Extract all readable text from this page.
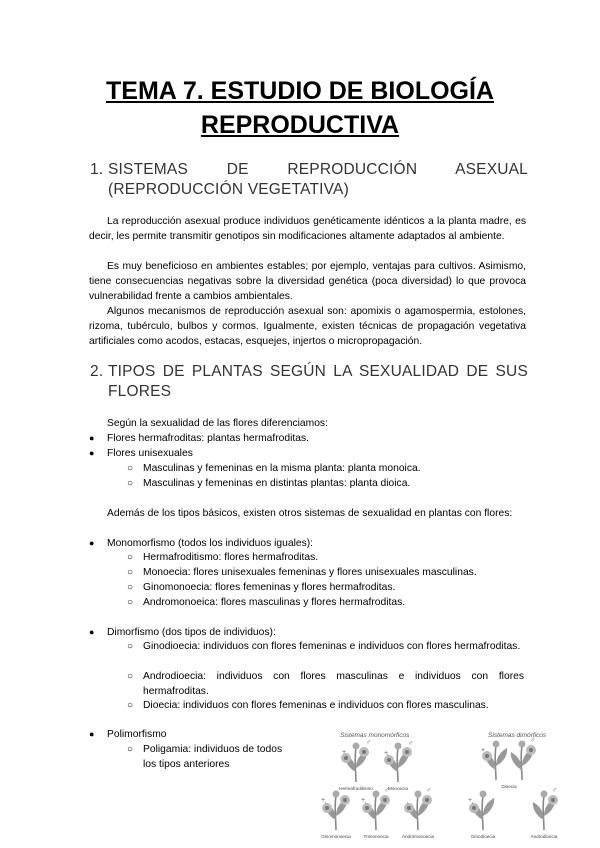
TEMA 7. ESTUDIO DE BIOLOGÍA
REPRODUCTIVA
1. SISTEMAS DE REPRODUCCIÓN ASEXUAL
(REPRODUCCIÓN VEGETATIVA)
La reproducción asexual produce individuos genéticamente idénticos a la planta madre, es decir, les permite transmitir genotipos sin modificaciones altamente adaptados al ambiente.
Es muy beneficioso en ambientes estables; por ejemplo, ventajas para cultivos. Asimismo, tiene consecuencias negativas sobre la diversidad genética (poca diversidad) lo que provoca vulnerabilidad frente a cambios ambientales.
Algunos mecanismos de reproducción asexual son: apomixis o agamospermia, estolones, rizoma, tubérculo, bulbos y cormos. Igualmente, existen técnicas de propagación vegetativa artificiales como acodos, estacas, esquejes, injertos o micropropagación.
2. TIPOS DE PLANTAS SEGÚN LA SEXUALIDAD DE SUS
FLORES
Según la sexualidad de las flores diferenciamos:
● Flores hermafroditas: plantas hermafroditas.
● Flores unisexuales
○ Masculinas y femeninas en la misma planta: planta monoica.
○ Masculinas y femeninas en distintas plantas: planta dioica.
Además de los tipos básicos, existen otros sistemas de sexualidad en plantas con flores:
● Monomorfismo (todos los individuos iguales):
○ Hermafroditismo: flores hermafroditas.
○ Monoecia: flores unisexuales femeninas y flores unisexuales masculinas.
○ Ginomonoecia: flores femeninas y flores hermafroditas.
○ Andromonoeica: flores masculinas y flores hermafroditas.
● Dimorfismo (dos tipos de individuos):
○ Ginodioecia: individuos con flores femeninas e individuos con flores hermafroditas.
○ Androdioecia: individuos con flores masculinas e individuos con flores hermafroditas.
○ Dioecia: individuos con flores femeninas e individuos con flores masculinas.
● Polimorfismo
○ Poligamia: individuos de todos
los tipos anteriores
Sistemas monomórficos	Sistemas dimórficos
+
♂
Hermafroditismo
+
♂
Monoecia
+
Ginomonoecia
+
♂
Trimonoecia
♂
Andromonoecia
+
♂
Dioecia
+
Ginodioecia
♂
Androdioecia
